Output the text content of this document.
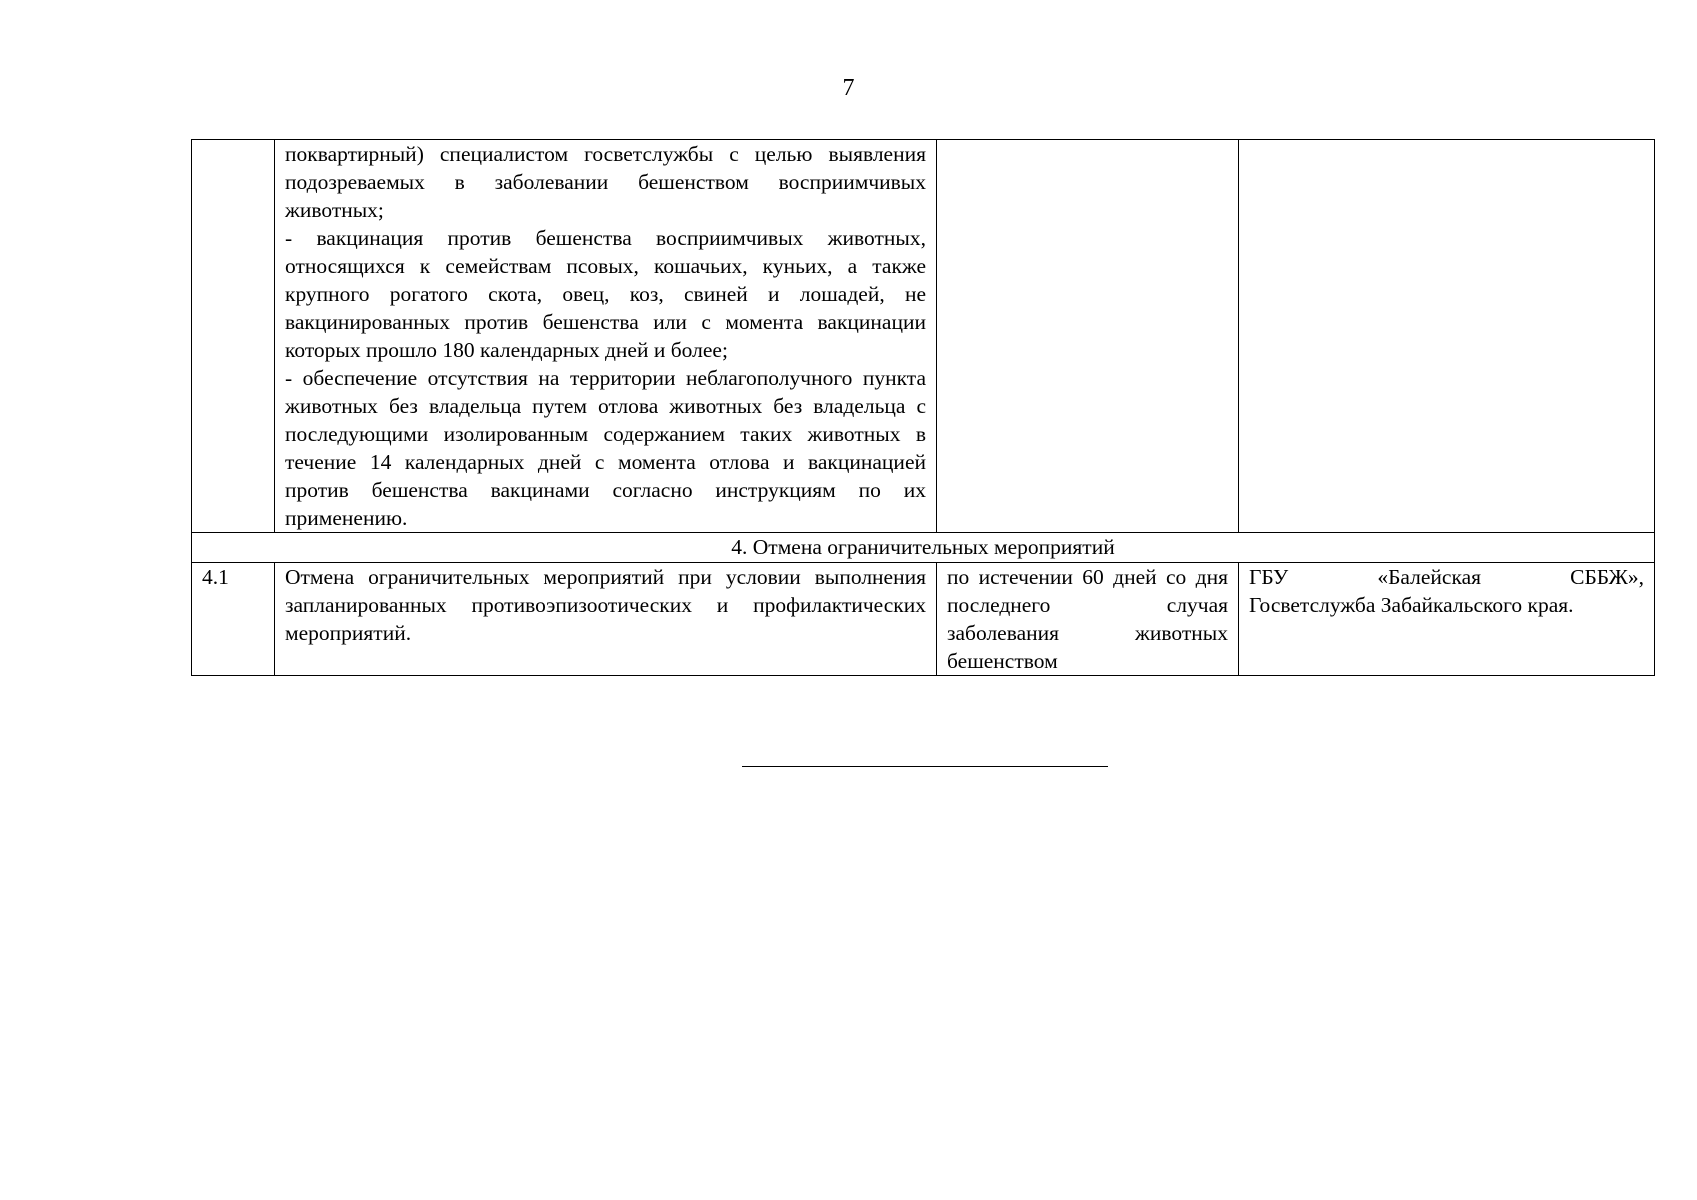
7

	поквартирный) специалистом госветслужбы с целью выявления подозреваемых в заболевании бешенством восприимчивых животных;
- вакцинация против бешенства восприимчивых животных, относящихся к семействам псовых, кошачьих, куньих, а также крупного рогатого скота, овец, коз, свиней и лошадей, не вакцинированных против бешенства или с момента вакцинации которых прошло 180 календарных дней и более;
- обеспечение отсутствия на территории неблагополучного пункта животных без владельца путем отлова животных без владельца с последующими изолированным содержанием таких животных в течение 14 календарных дней с момента отлова и вакцинацией против бешенства вакцинами согласно инструкциям по их применению.		

4. Отмена ограничительных мероприятий			
4.1	Отмена ограничительных мероприятий при условии выполнения запланированных противоэпизоотических и профилактических мероприятий.	по истечении 60 дней со дня последнего случая заболевания животных бешенством	ГБУ «Балейская СББЖ»,
Госветслужба Забайкальского края.
